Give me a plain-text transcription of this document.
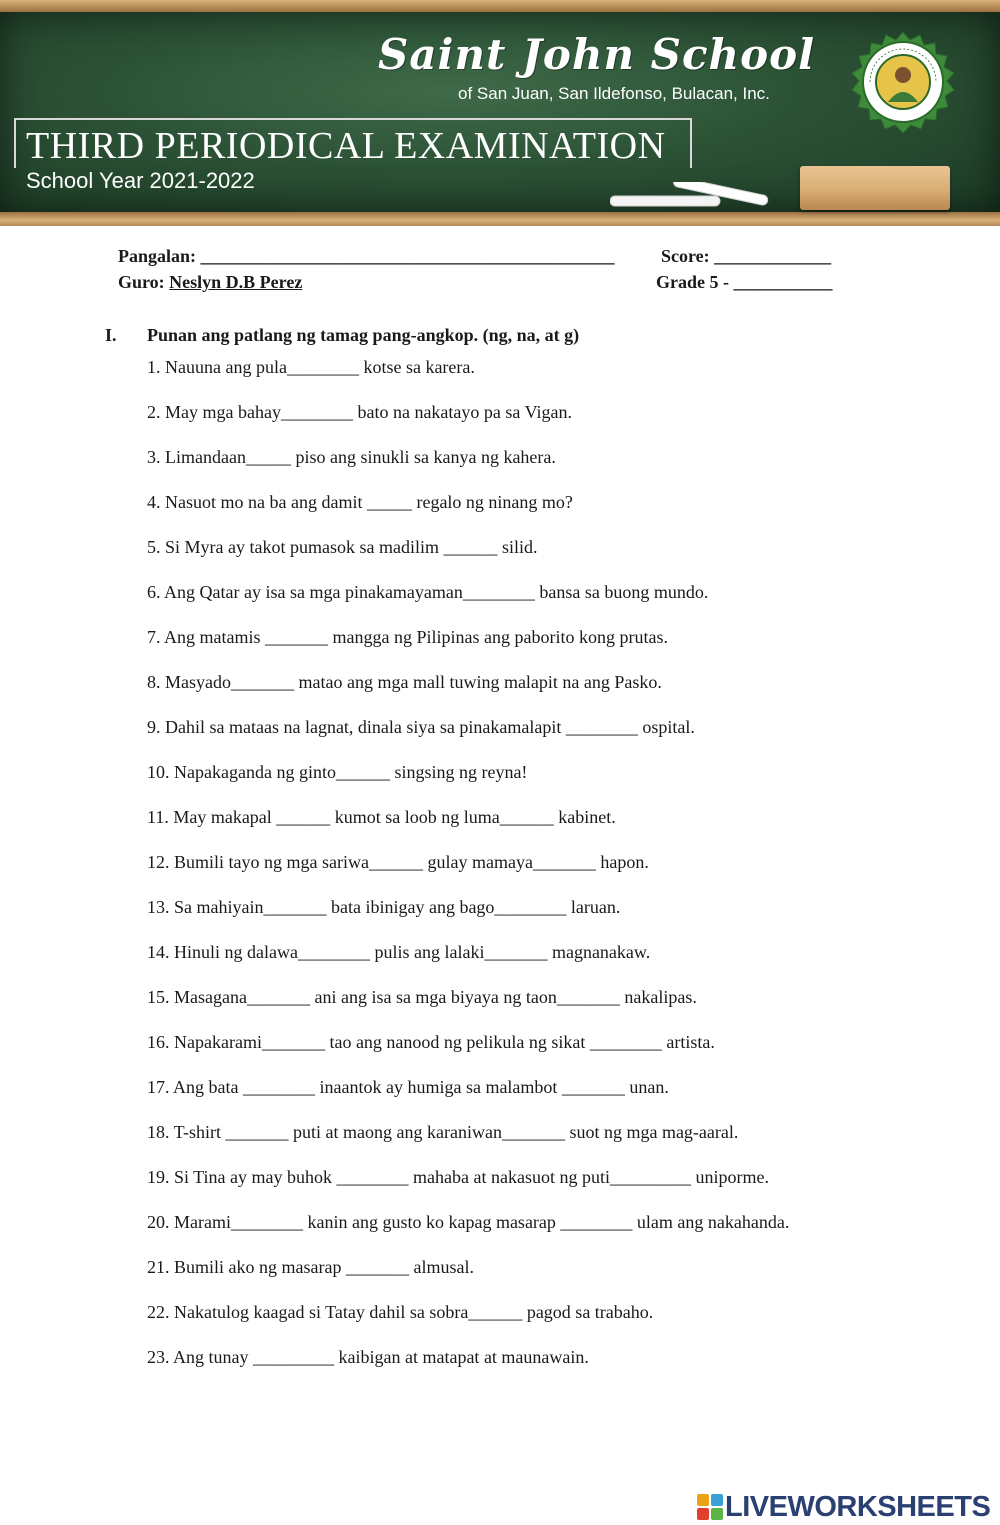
Saint John School
of San Juan, San Ildefonso, Bulacan, Inc.
THIRD PERIODICAL EXAMINATION
School Year 2021-2022
Pangalan: ______________________________________________	Score: _____________
Guro: Neslyn D.B Perez	Grade 5 - ___________
I. Punan ang patlang ng tamag pang-angkop. (ng, na, at g)
1. Nauuna ang pula________ kotse sa karera.
2. May mga bahay________ bato na nakatayo pa sa Vigan.
3. Limandaan_____ piso ang sinukli sa kanya ng kahera.
4. Nasuot mo na ba ang damit _____ regalo ng ninang mo?
5. Si Myra ay takot pumasok sa madilim ______ silid.
6. Ang Qatar ay isa sa mga pinakamayaman________ bansa sa buong mundo.
7. Ang matamis _______ mangga ng Pilipinas ang paborito kong prutas.
8. Masyado_______ matao ang mga mall tuwing malapit na ang Pasko.
9. Dahil sa mataas na lagnat, dinala siya sa pinakamalapit ________ ospital.
10. Napakaganda ng ginto______ singsing ng reyna!
11. May makapal ______ kumot sa loob ng luma______ kabinet.
12. Bumili tayo ng mga sariwa______ gulay mamaya_______ hapon.
13. Sa mahiyain_______ bata ibinigay ang bago________ laruan.
14. Hinuli ng dalawa________ pulis ang lalaki_______ magnanakaw.
15. Masagana_______ ani ang isa sa mga biyaya ng taon_______ nakalipas.
16. Napakarami_______ tao ang nanood ng pelikula ng sikat ________ artista.
17. Ang bata ________ inaantok ay humiga sa malambot _______ unan.
18. T-shirt _______ puti at maong ang karaniwan_______ suot ng mga mag-aaral.
19. Si Tina ay may buhok ________ mahaba at nakasuot ng puti_________ uniporme.
20. Marami________ kanin ang gusto ko kapag masarap ________ ulam ang nakahanda.
21. Bumili ako ng masarap _______ almusal.
22. Nakatulog kaagad si Tatay dahil sa sobra______ pagod sa trabaho.
23. Ang tunay _________ kaibigan at matapat at maunawain.
LIVEWORKSHEETS
